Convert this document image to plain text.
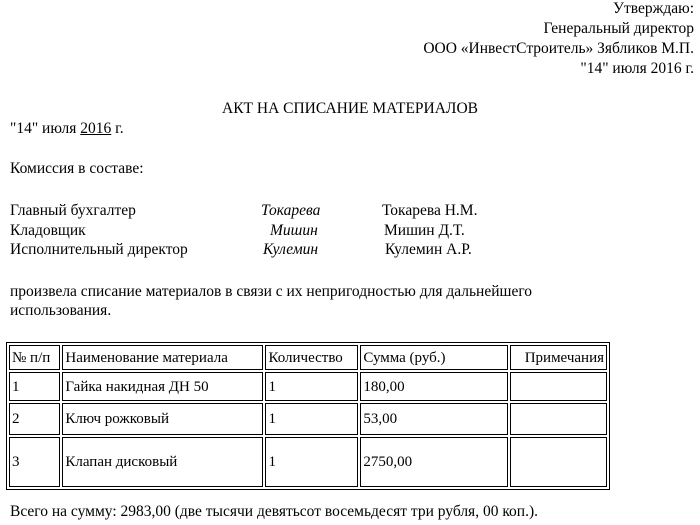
Утверждаю:
Генеральный директор
ООО «ИнвестСтроитель» Зябликов М.П.
"14" июля 2016 г.
АКТ НА СПИСАНИЕ МАТЕРИАЛОВ
"14" июля 2016 г.
Комиссия в составе:
Главный бухгалтер	Токарева	Токарева Н.М.
Кладовщик	Мишин	Мишин Д.Т.
Исполнительный директор	Кулемин	Кулемин А.Р.
произвела списание материалов в связи с их непригодностью для дальнейшего
использования.
№ п/п	Наименование материала	Количество	Сумма (руб.)	Примечания
1	Гайка накидная ДН 50	1	180,00	
2	Ключ рожковый	1	53,00	
3	Клапан дисковый	1	2750,00	
Всего на сумму: 2983,00 (две тысячи девятьсот восемьдесят три рубля, 00 коп.).
